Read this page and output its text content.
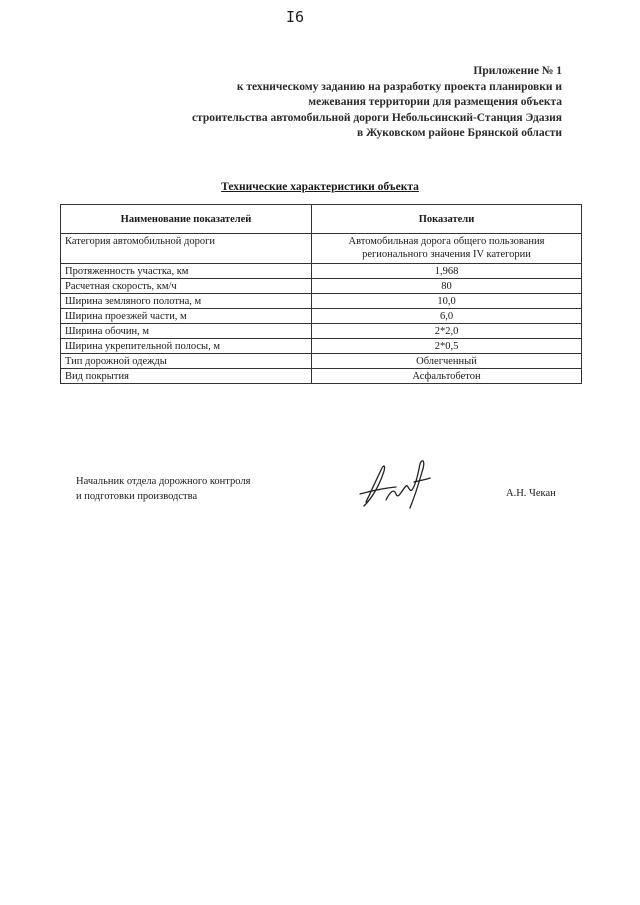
I6
Приложение № 1
к техническому заданию на разработку проекта планировки и
межевания территории для размещения объекта
строительства автомобильной дороги Небольсинский-Станция Эдазия
в Жуковском районе Брянской области
Технические характеристики объекта
Наименование показателей	Показатели
Категория автомобильной дороги	Автомобильная дорога общего пользования регионального значения IV категории
Протяженность участка, км	1,968
Расчетная скорость, км/ч	80
Ширина земляного полотна, м	10,0
Ширина проезжей части, м	6,0
Ширина обочин, м	2*2,0
Ширина укрепительной полосы, м	2*0,5
Тип дорожной одежды	Облегченный
Вид покрытия	Асфальтобетон
Начальник отдела дорожного контроля
и подготовки производства	А.Н. Чекан
